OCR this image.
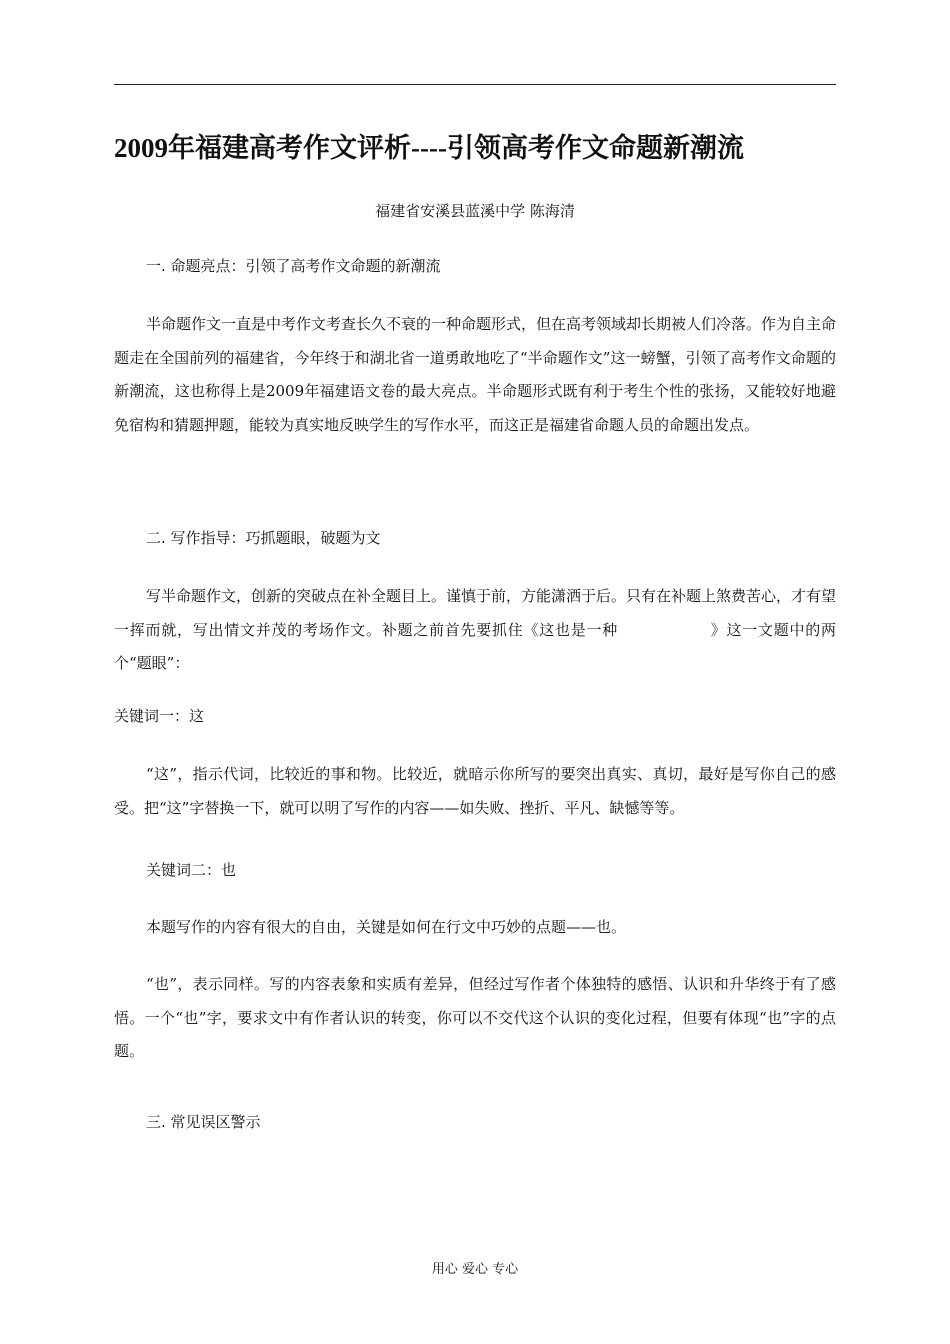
2009年福建高考作文评析----引领高考作文命题新潮流
福建省安溪县蓝溪中学 陈海清

一. 命题亮点：引领了高考作文命题的新潮流

半命题作文一直是中考作文考查长久不衰的一种命题形式，但在高考领域却长期被人们冷落。作为自主命题走在全国前列的福建省，今年终于和湖北省一道勇敢地吃了“半命题作文”这一螃蟹，引领了高考作文命题的新潮流，这也称得上是2009年福建语文卷的最大亮点。半命题形式既有利于考生个性的张扬，又能较好地避免宿构和猜题押题，能较为真实地反映学生的写作水平，而这正是福建省命题人员的命题出发点。

二. 写作指导：巧抓题眼，破题为文

写半命题作文，创新的突破点在补全题目上。谨慎于前，方能潇洒于后。只有在补题上煞费苦心，才有望一挥而就，写出情文并茂的考场作文。补题之前首先要抓住《这也是一种	》这一文题中的两个“题眼”：

关键词一：这

“这”，指示代词，比较近的事和物。比较近，就暗示你所写的要突出真实、真切，最好是写你自己的感受。把“这”字替换一下，就可以明了写作的内容——如失败、挫折、平凡、缺憾等等。

关键词二：也

本题写作的内容有很大的自由，关键是如何在行文中巧妙的点题——也。

“也”，表示同样。写的内容表象和实质有差异，但经过写作者个体独特的感悟、认识和升华终于有了感悟。一个“也”字，要求文中有作者认识的转变，你可以不交代这个认识的变化过程，但要有体现“也”字的点题。

三. 常见误区警示

用心 爱心 专心
